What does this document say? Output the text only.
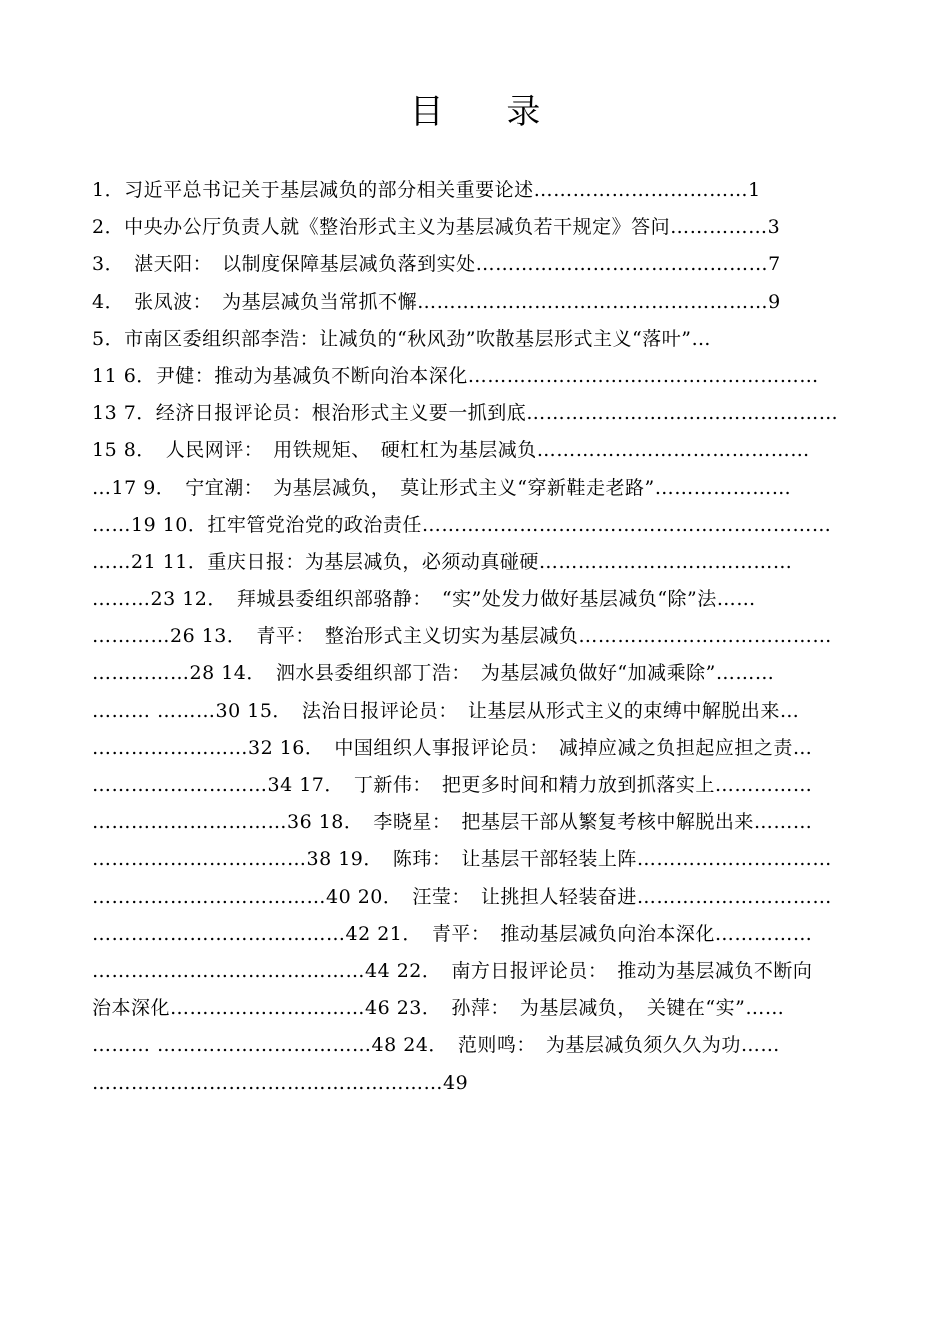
目 录
1．习近平总书记关于基层减负的部分相关重要论述……………………………1
2．中央办公厅负责人就《整治形式主义为基层减负若干规定》答问……………3
3．　湛天阳：　以制度保障基层减负落到实处………………………………………7
4．　张凤波：　为基层减负当常抓不懈………………………………………………9
5．市南区委组织部李浩：让减负的“秋风劲”吹散基层形式主义“落叶”…
11 6．尹健：推动为基减负不断向治本深化………………………………………………
13 7．经济日报评论员：根治形式主义要一抓到底…………………………………………
15 8．　人民网评：　用铁规矩、　硬杠杠为基层减负……………………………………
…17 9．　宁宜潮：　为基层减负，　莫让形式主义“穿新鞋走老路”…………………
……19 10．扛牢管党治党的政治责任………………………………………………………
……21 11．重庆日报：为基层减负，必须动真碰硬…………………………………
………23 12．　拜城县委组织部骆静：　“实”处发力做好基层减负“除”法……
…………26 13．　青平：　整治形式主义切实为基层减负…………………………………
……………28 14．　泗水县委组织部丁浩：　为基层减负做好“加减乘除”………
……… ………30 15．　法治日报评论员：　让基层从形式主义的束缚中解脱出来…
……………………32 16．　中国组织人事报评论员：　减掉应减之负担起应担之责…
………………………34 17．　丁新伟：　把更多时间和精力放到抓落实上……………
…………………………36 18．　李晓星：　把基层干部从繁复考核中解脱出来………
……………………………38 19．　陈玮：　让基层干部轻装上阵…………………………
………………………………40 20．　汪莹：　让挑担人轻装奋进…………………………
…………………………………42 21．　青平：　推动基层减负向治本深化……………
……………………………………44 22．　南方日报评论员：　推动为基层减负不断向
治本深化…………………………46 23．　孙萍：　为基层减负，　关键在“实”……
……… ……………………………48 24．　范则鸣：　为基层减负须久久为功……
………………………………………………49
